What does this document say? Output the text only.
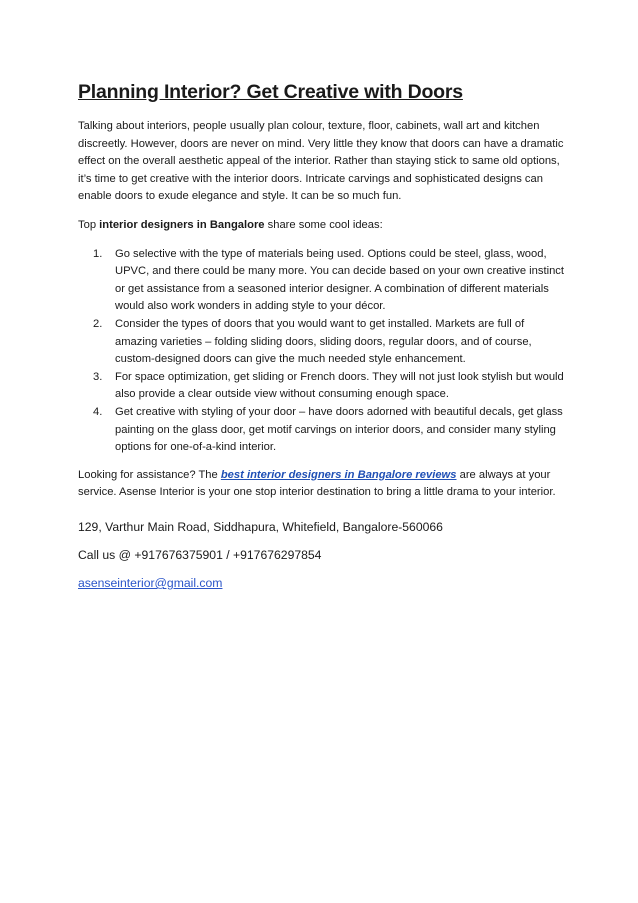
Planning Interior? Get Creative with Doors

Talking about interiors, people usually plan colour, texture, floor, cabinets, wall art and kitchen discreetly. However, doors are never on mind. Very little they know that doors can have a dramatic effect on the overall aesthetic appeal of the interior. Rather than staying stick to same old options, it’s time to get creative with the interior doors. Intricate carvings and sophisticated designs can enable doors to exude elegance and style. It can be so much fun.

Top interior designers in Bangalore share some cool ideas:

1. Go selective with the type of materials being used. Options could be steel, glass, wood, UPVC, and there could be many more. You can decide based on your own creative instinct or get assistance from a seasoned interior designer. A combination of different materials would also work wonders in adding style to your décor.
2. Consider the types of doors that you would want to get installed. Markets are full of amazing varieties – folding sliding doors, sliding doors, regular doors, and of course, custom-designed doors can give the much needed style enhancement.
3. For space optimization, get sliding or French doors. They will not just look stylish but would also provide a clear outside view without consuming enough space.
4. Get creative with styling of your door – have doors adorned with beautiful decals, get glass painting on the glass door, get motif carvings on interior doors, and consider many styling options for one-of-a-kind interior.

Looking for assistance? The best interior designers in Bangalore reviews are always at your service. Asense Interior is your one stop interior destination to bring a little drama to your interior.

129, Varthur Main Road, Siddhapura, Whitefield, Bangalore-560066

Call us @ +917676375901 / +917676297854

asenseinterior@gmail.com
